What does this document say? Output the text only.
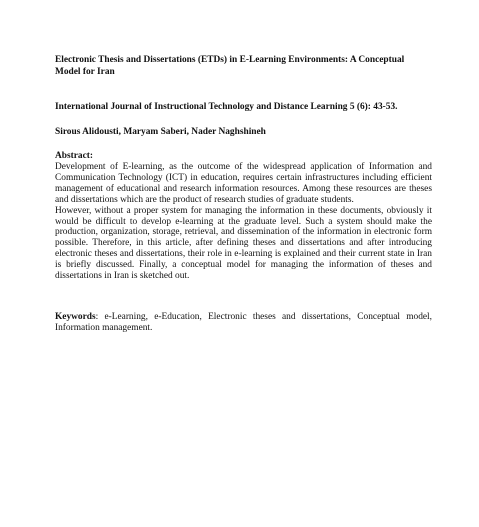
Electronic Thesis and Dissertations (ETDs) in E-Learning Environments: A Conceptual Model for Iran

International Journal of Instructional Technology and Distance Learning 5 (6): 43-53.

Sirous Alidousti, Maryam Saberi, Nader Naghshineh

Abstract:

Development of E-learning, as the outcome of the widespread application of Information and Communication Technology (ICT) in education, requires certain infrastructures including efficient management of educational and research information resources. Among these resources are theses and dissertations which are the product of research studies of graduate students.

However, without a proper system for managing the information in these documents, obviously it would be difficult to develop e-learning at the graduate level. Such a system should make the production, organization, storage, retrieval, and dissemination of the information in electronic form possible. Therefore, in this article, after defining theses and dissertations and after introducing electronic theses and dissertations, their role in e-learning is explained and their current state in Iran is briefly discussed. Finally, a conceptual model for managing the information of theses and dissertations in Iran is sketched out.

Keywords: e-Learning, e-Education, Electronic theses and dissertations, Conceptual model, Information management.
